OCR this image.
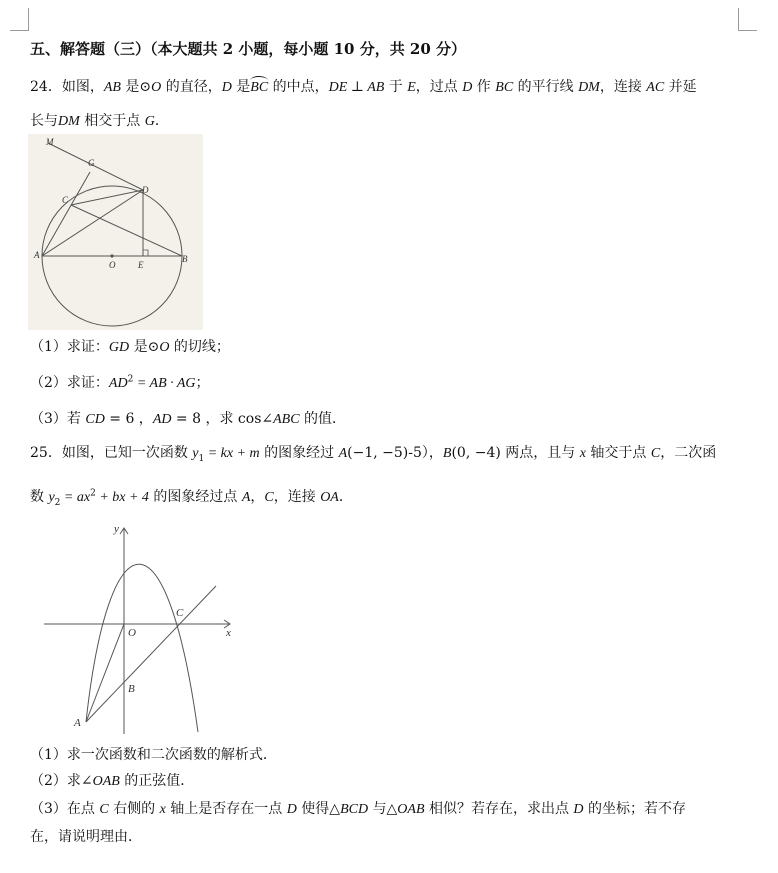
五、解答题（三）（本大题共 2 小题，每小题 10 分，共 20 分）
24．如图，AB 是⊙O 的直径，D 是BC 的中点，DE ⊥ AB 于 E，过点 D 作 BC 的平行线 DM，连接 AC 并延
长与DM 相交于点 G．
M
G
C
D
A
O	E
B
（1）求证：GD 是⊙O 的切线；
（2）求证：$AD^2$ = AB · AG；
（3）若 CD = 6 ，AD = 8 ，求 cos∠ABC 的值．
25．如图，已知一次函数 $y_1$ = kx + m 的图象经过 A(−1, −5)-5），B(0, −4) 两点，且与 x 轴交于点 C，二次函
数 $y_2 = ax^2$ + bx + 4 的图象经过点 A，C，连接 OA．
y
x
O
C
B
A
（1）求一次函数和二次函数的解析式．
（2）求∠OAB 的正弦值．
（3）在点 C 右侧的 x 轴上是否存在一点 D 使得△BCD 与△OAB 相似？若存在，求出点 D 的坐标；若不存
在，请说明理由．
